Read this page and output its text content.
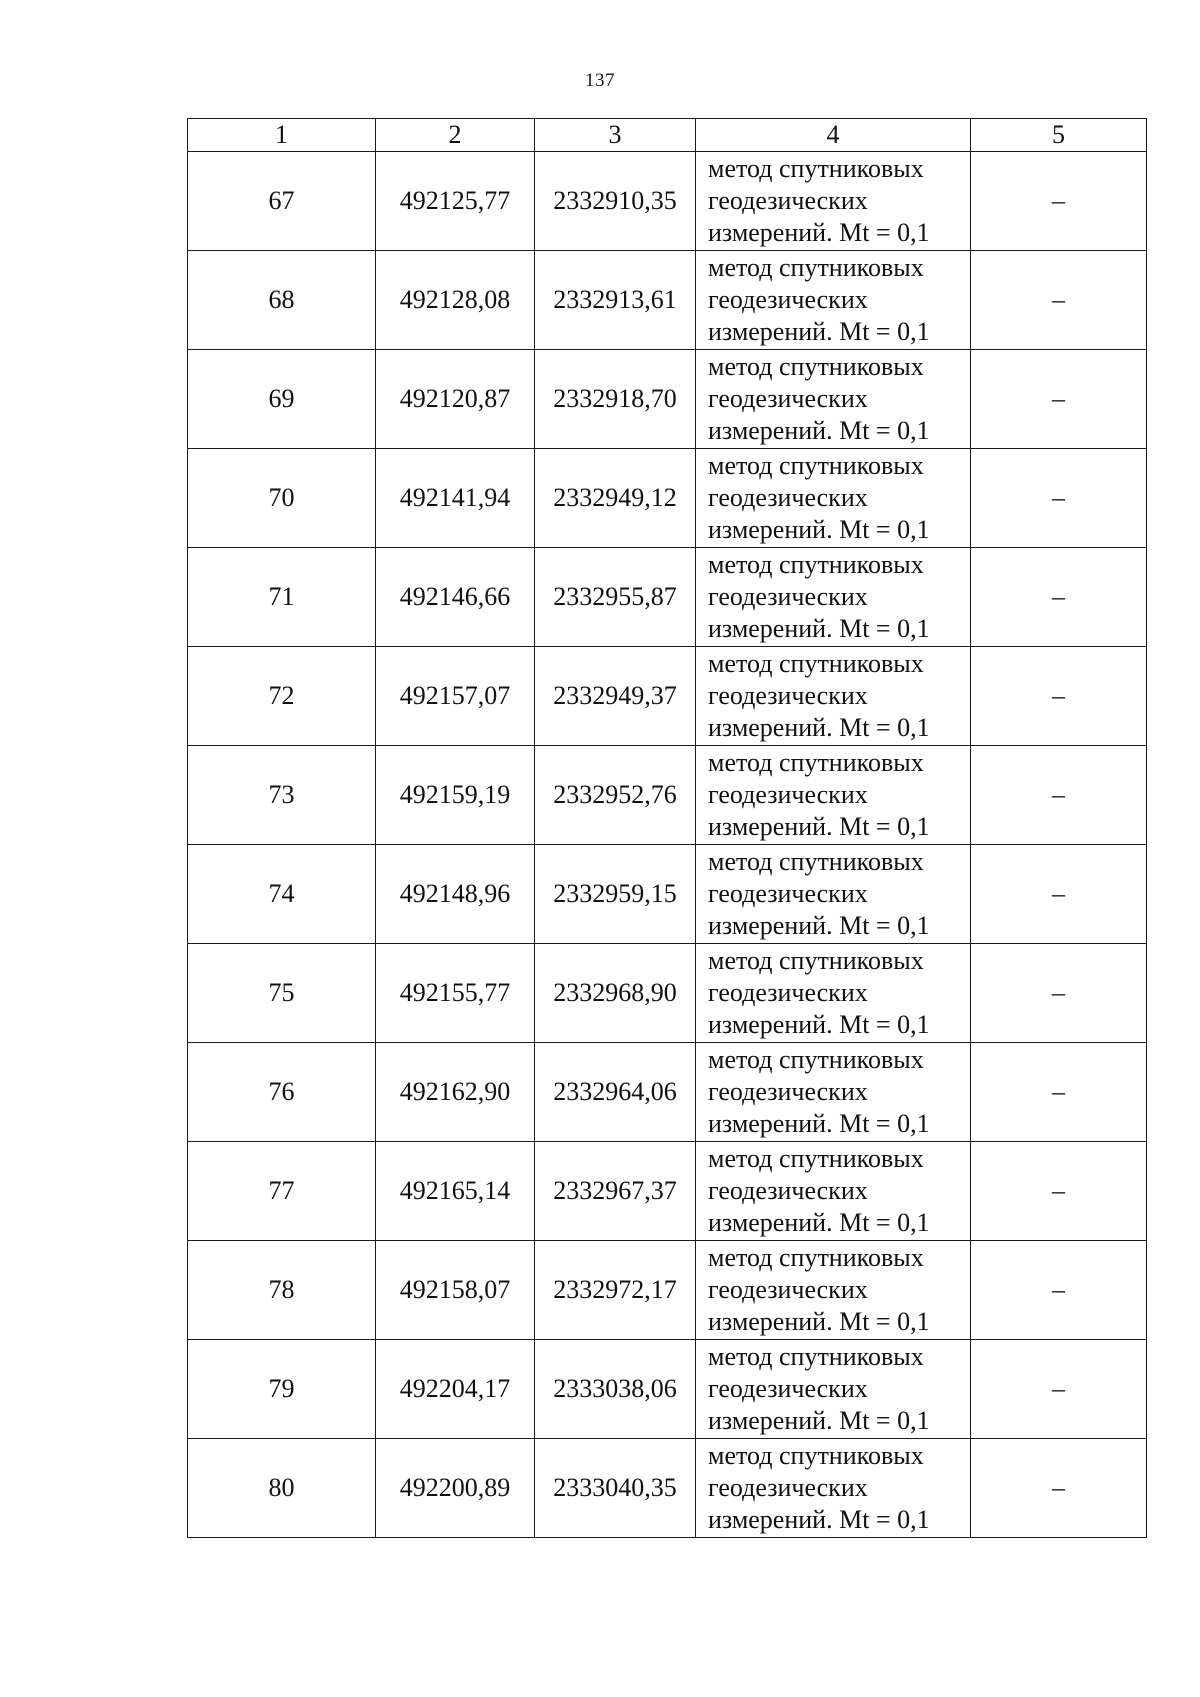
137
1	2	3	4	5
67	492125,77	2332910,35	метод спутниковых
геодезических
измерений. Mt = 0,1	–
68	492128,08	2332913,61	метод спутниковых
геодезических
измерений. Mt = 0,1	–
69	492120,87	2332918,70	метод спутниковых
геодезических
измерений. Mt = 0,1	–
70	492141,94	2332949,12	метод спутниковых
геодезических
измерений. Mt = 0,1	–
71	492146,66	2332955,87	метод спутниковых
геодезических
измерений. Mt = 0,1	–
72	492157,07	2332949,37	метод спутниковых
геодезических
измерений. Mt = 0,1	–
73	492159,19	2332952,76	метод спутниковых
геодезических
измерений. Mt = 0,1	–
74	492148,96	2332959,15	метод спутниковых
геодезических
измерений. Mt = 0,1	–
75	492155,77	2332968,90	метод спутниковых
геодезических
измерений. Mt = 0,1	–
76	492162,90	2332964,06	метод спутниковых
геодезических
измерений. Mt = 0,1	–
77	492165,14	2332967,37	метод спутниковых
геодезических
измерений. Mt = 0,1	–
78	492158,07	2332972,17	метод спутниковых
геодезических
измерений. Mt = 0,1	–
79	492204,17	2333038,06	метод спутниковых
геодезических
измерений. Mt = 0,1	–
80	492200,89	2333040,35	метод спутниковых
геодезических
измерений. Mt = 0,1	–
